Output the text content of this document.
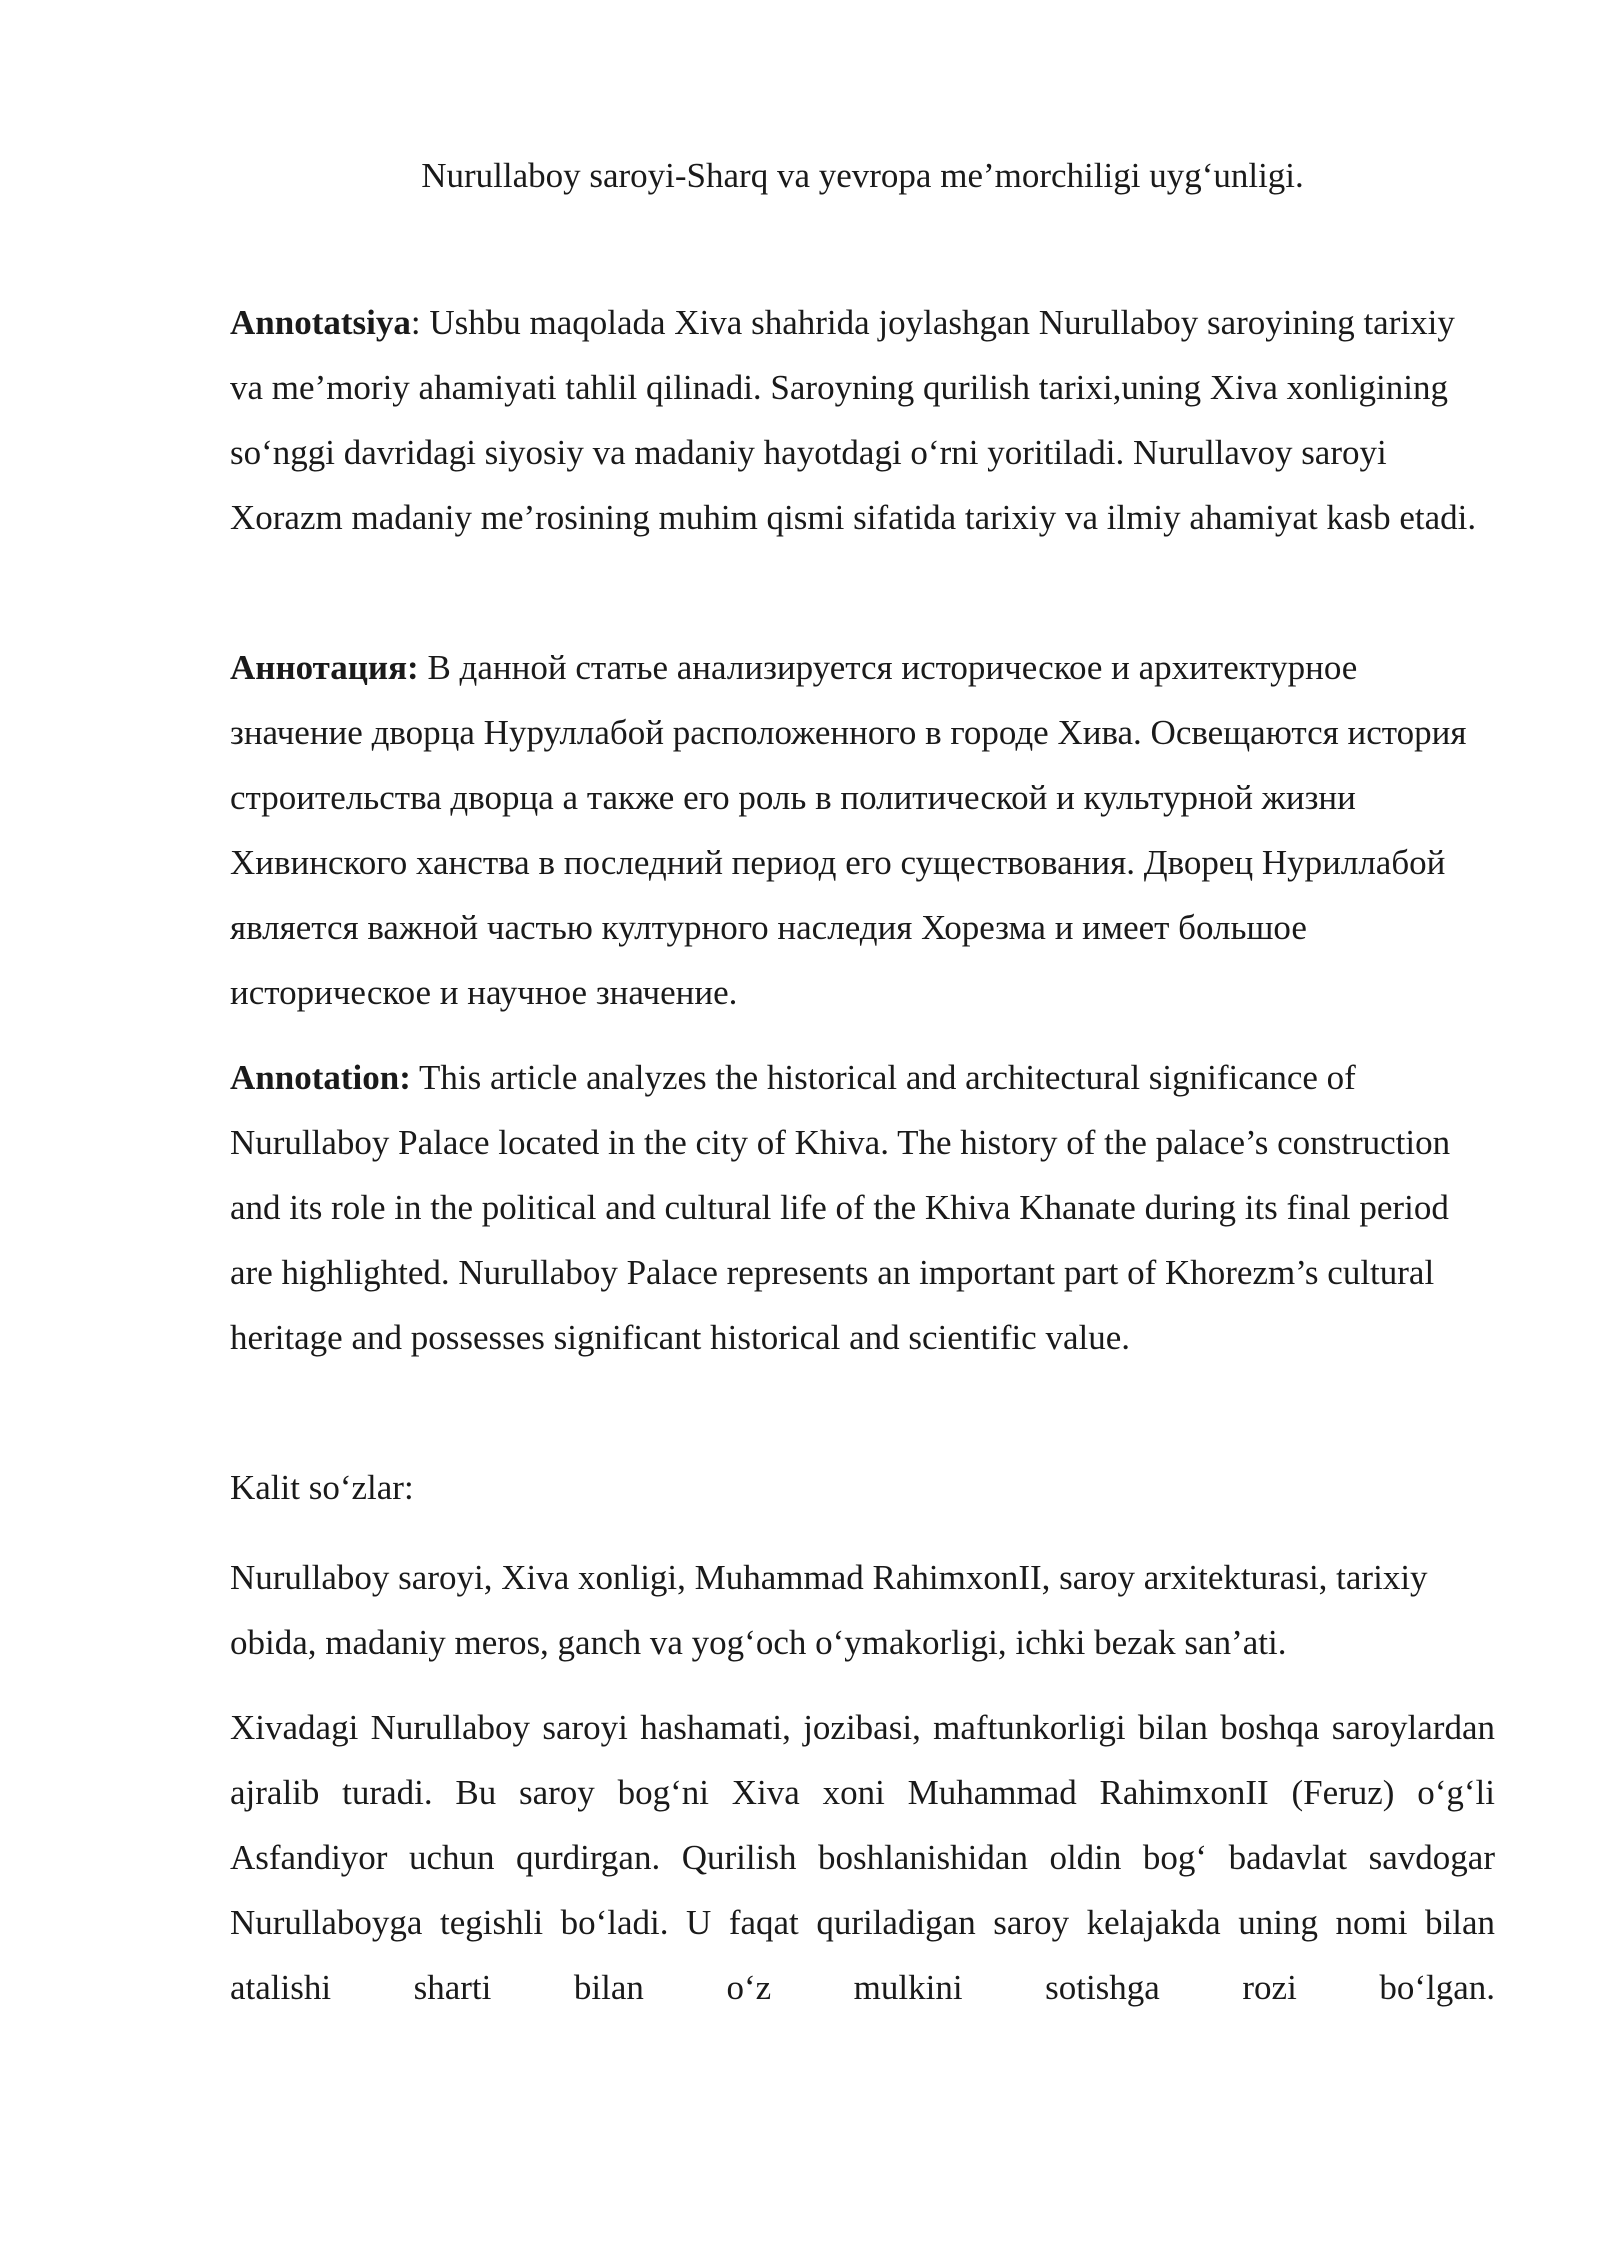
Nurullaboy saroyi-Sharq va yevropa me’morchiligi uyg‘unligi.

Annotatsiya: Ushbu maqolada Xiva shahrida joylashgan Nurullaboy saroyining tarixiy va me’moriy ahamiyati tahlil qilinadi. Saroyning qurilish tarixi,uning Xiva xonligining so‘nggi davridagi siyosiy va madaniy hayotdagi o‘rni yoritiladi. Nurullavoy saroyi Xorazm madaniy me’rosining muhim qismi sifatida tarixiy va ilmiy ahamiyat kasb etadi.

Аннотация: В данной статье анализируется историческое и архитектурное значение дворца Нуруллабой расположенного в городе Хива. Освещаются история строительства дворца а также его роль в политической и культурной жизни Хивинского ханства в последний период его существования. Дворец Нуриллабой является важной частью културного наследия Хорезма и имеет большое историческое и научное значение.

Annotation: This article analyzes the historical and architectural significance of Nurullaboy Palace located in the city of Khiva. The history of the palace’s construction and its role in the political and cultural life of the Khiva Khanate during its final period are highlighted. Nurullaboy Palace represents an important part of Khorezm’s cultural heritage and possesses significant historical and scientific value.

Kalit so‘zlar:

Nurullaboy saroyi, Xiva xonligi, Muhammad RahimxonII, saroy arxitekturasi, tarixiy obida, madaniy meros, ganch va yog‘och o‘ymakorligi, ichki bezak san’ati.

Xivadagi Nurullaboy saroyi hashamati, jozibasi, maftunkorligi bilan boshqa saroylardan ajralib turadi. Bu saroy bog‘ni Xiva xoni Muhammad RahimxonII (Feruz) o‘g‘li Asfandiyor uchun qurdirgan. Qurilish boshlanishidan oldin bog‘ badavlat savdogar Nurullaboyga tegishli bo‘ladi. U faqat quriladigan saroy kelajakda uning nomi bilan atalishi sharti bilan o‘z mulkini sotishga rozi bo‘lgan.
